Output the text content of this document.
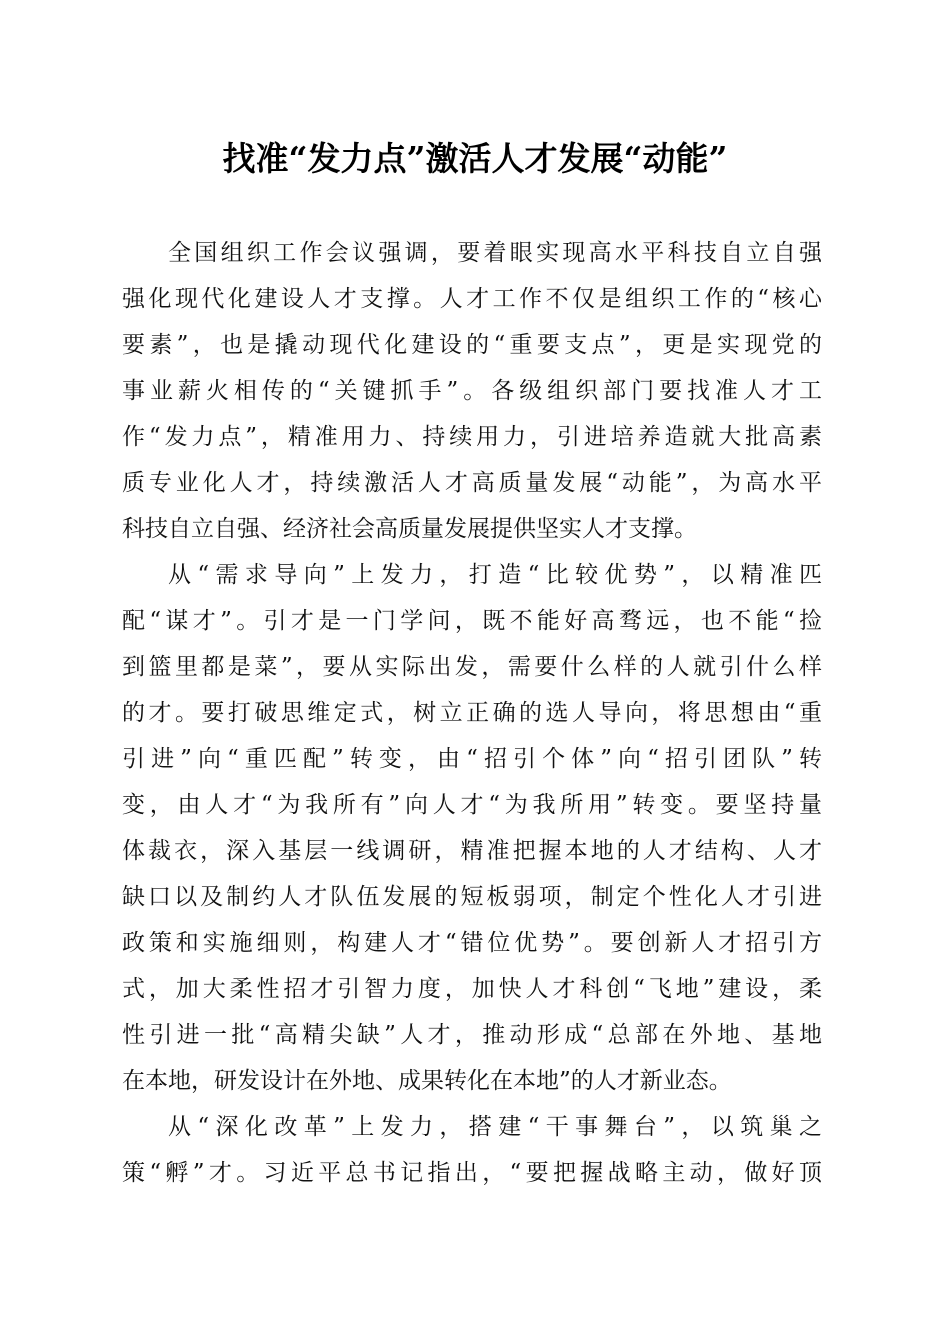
找准“发力点”激活人才发展“动能”
全国组织工作会议强调，要着眼实现高水平科技自立自强
强化现代化建设人才支撑。人才工作不仅是组织工作的“核心
要素”，也是撬动现代化建设的“重要支点”，更是实现党的
事业薪火相传的“关键抓手”。各级组织部门要找准人才工
作“发力点”，精准用力、持续用力，引进培养造就大批高素
质专业化人才，持续激活人才高质量发展“动能”，为高水平
科技自立自强、经济社会高质量发展提供坚实人才支撑。
从“需求导向”上发力，打造“比较优势”，以精准匹
配“谋才”。引才是一门学问，既不能好高骛远，也不能“捡
到篮里都是菜”，要从实际出发，需要什么样的人就引什么样
的才。要打破思维定式，树立正确的选人导向，将思想由“重
引进”向“重匹配”转变，由“招引个体”向“招引团队”转
变，由人才“为我所有”向人才“为我所用”转变。要坚持量
体裁衣，深入基层一线调研，精准把握本地的人才结构、人才
缺口以及制约人才队伍发展的短板弱项，制定个性化人才引进
政策和实施细则，构建人才“错位优势”。要创新人才招引方
式，加大柔性招才引智力度，加快人才科创“飞地”建设，柔
性引进一批“高精尖缺”人才，推动形成“总部在外地、基地
在本地，研发设计在外地、成果转化在本地”的人才新业态。
从“深化改革”上发力，搭建“干事舞台”，以筑巢之
策“孵”才。习近平总书记指出，“要把握战略主动，做好顶
